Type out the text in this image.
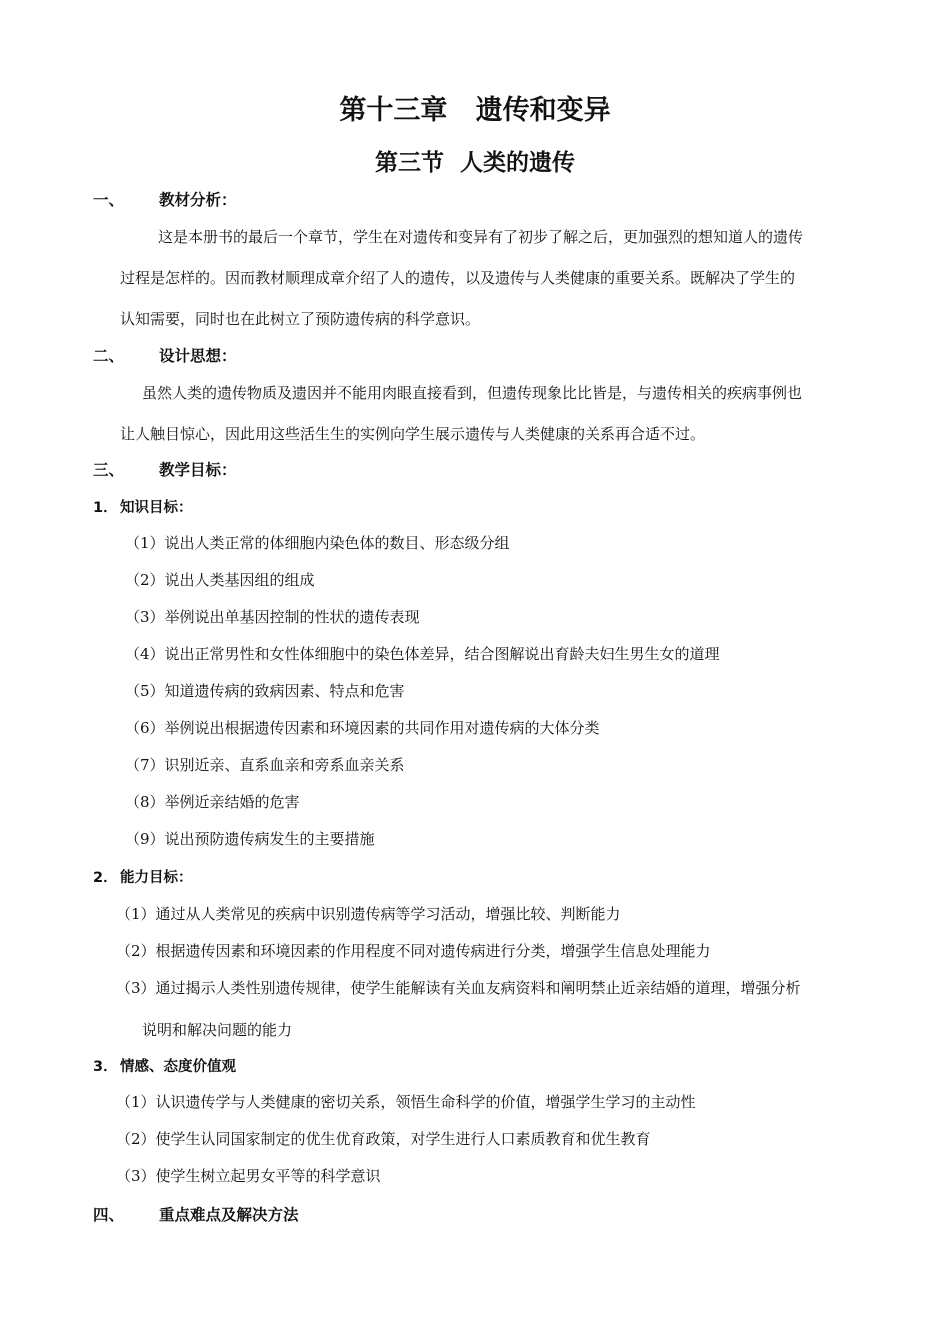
第十三章   遗传和变异
第三节  人类的遗传
一、 教材分析：
这是本册书的最后一个章节，学生在对遗传和变异有了初步了解之后，更加强烈的想知道人的遗传
过程是怎样的。因而教材顺理成章介绍了人的遗传，以及遗传与人类健康的重要关系。既解决了学生的
认知需要，同时也在此树立了预防遗传病的科学意识。
二、 设计思想：
虽然人类的遗传物质及遗因并不能用肉眼直接看到，但遗传现象比比皆是，与遗传相关的疾病事例也
让人触目惊心，因此用这些活生生的实例向学生展示遗传与人类健康的关系再合适不过。
三、 教学目标：
1． 知识目标：
（1）说出人类正常的体细胞内染色体的数目、形态级分组
（2）说出人类基因组的组成
（3）举例说出单基因控制的性状的遗传表现
（4）说出正常男性和女性体细胞中的染色体差异，结合图解说出育龄夫妇生男生女的道理
（5）知道遗传病的致病因素、特点和危害
（6）举例说出根据遗传因素和环境因素的共同作用对遗传病的大体分类
（7）识别近亲、直系血亲和旁系血亲关系
（8）举例近亲结婚的危害
（9）说出预防遗传病发生的主要措施
2． 能力目标：
（1）通过从人类常见的疾病中识别遗传病等学习活动，增强比较、判断能力
（2）根据遗传因素和环境因素的作用程度不同对遗传病进行分类，增强学生信息处理能力
（3）通过揭示人类性别遗传规律，使学生能解读有关血友病资料和阐明禁止近亲结婚的道理，增强分析
说明和解决问题的能力
3． 情感、态度价值观
（1）认识遗传学与人类健康的密切关系，领悟生命科学的价值，增强学生学习的主动性
（2）使学生认同国家制定的优生优育政策，对学生进行人口素质教育和优生教育
（3）使学生树立起男女平等的科学意识
四、 重点难点及解决方法
